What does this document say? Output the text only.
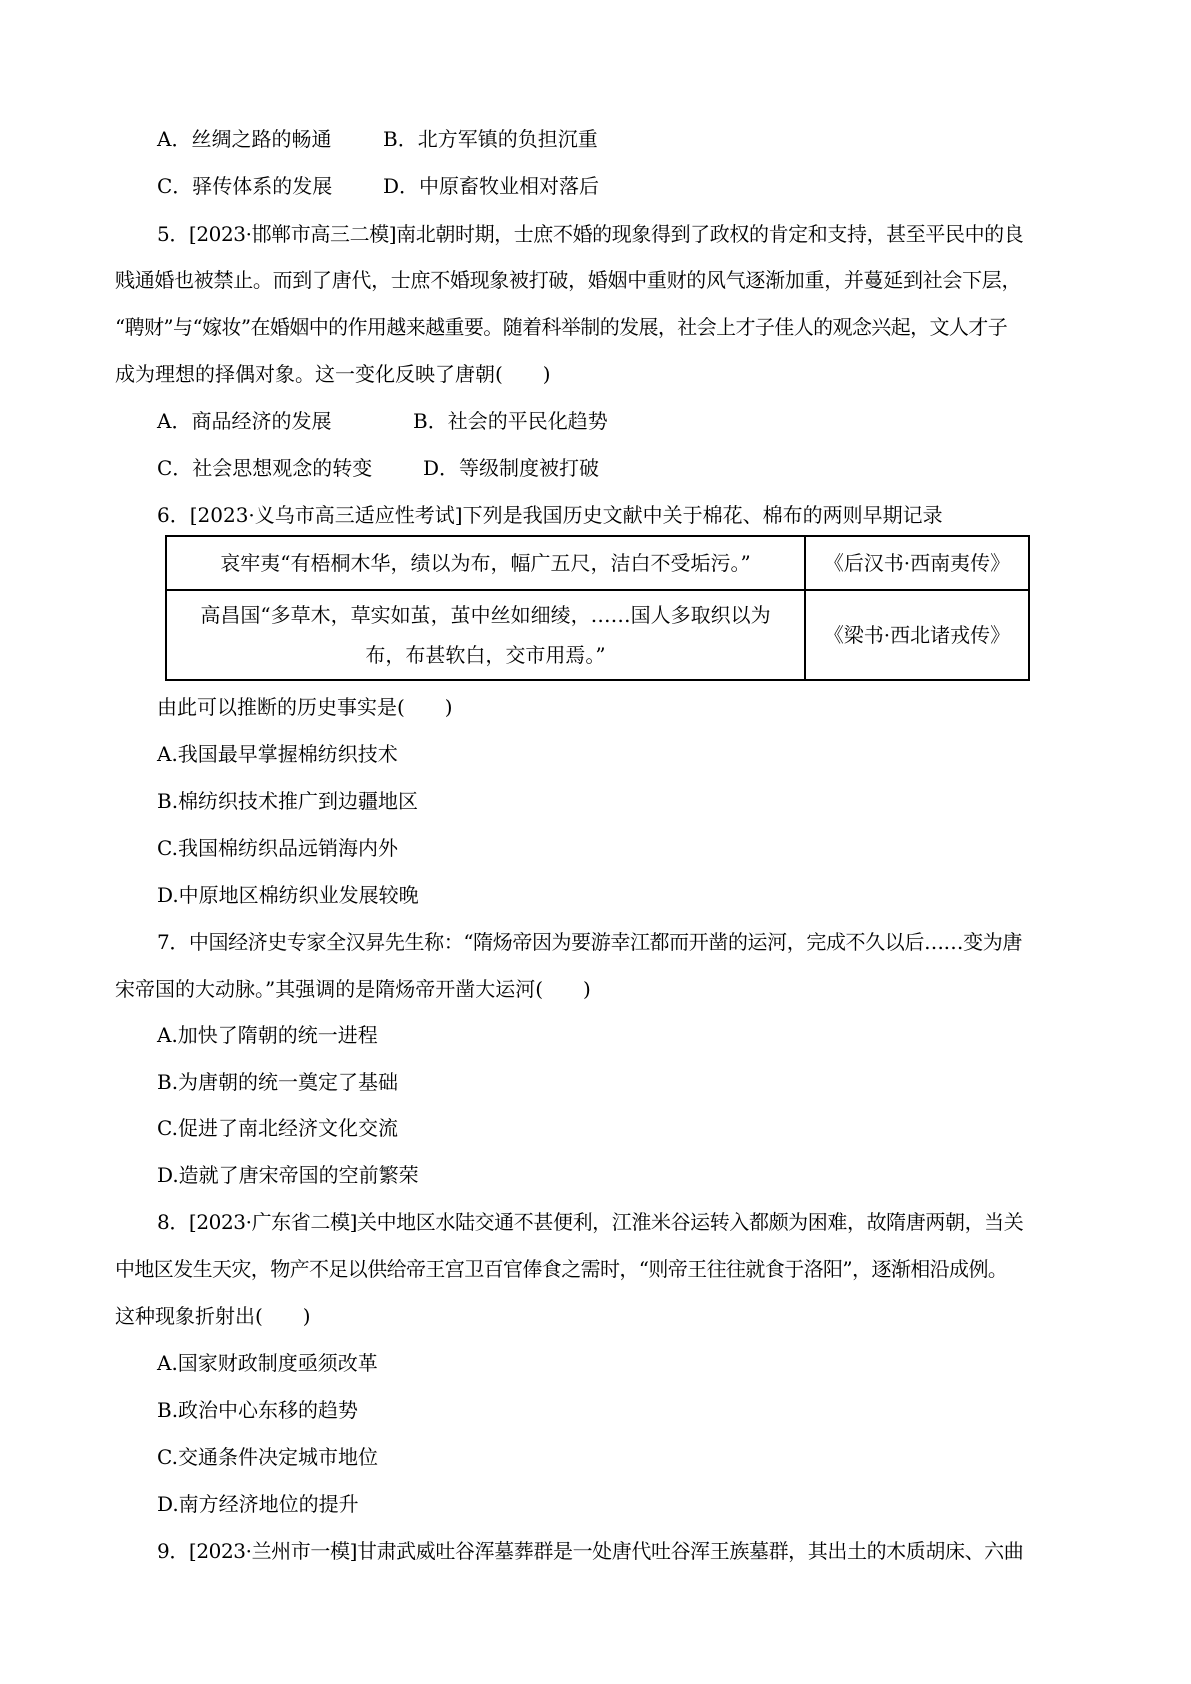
A．丝绸之路的畅通	B．北方军镇的负担沉重
C．驿传体系的发展	D．中原畜牧业相对落后
5．[2023·邯郸市高三二模]南北朝时期，士庶不婚的现象得到了政权的肯定和支持，甚至平民中的良
贱通婚也被禁止。而到了唐代，士庶不婚现象被打破，婚姻中重财的风气逐渐加重，并蔓延到社会下层，
“聘财”与“嫁妆”在婚姻中的作用越来越重要。随着科举制的发展，社会上才子佳人的观念兴起，文人才子
成为理想的择偶对象。这一变化反映了唐朝(　　)
A．商品经济的发展	B．社会的平民化趋势
C．社会思想观念的转变	D．等级制度被打破
6．[2023·义乌市高三适应性考试]下列是我国历史文献中关于棉花、棉布的两则早期记录
哀牢夷“有梧桐木华，绩以为布，幅广五尺，洁白不受垢污。”	《后汉书·西南夷传》
高昌国“多草木，草实如茧，茧中丝如细绫，……国人多取织以为布，布甚软白，交市用焉。”	《梁书·西北诸戎传》
由此可以推断的历史事实是(　　)
A.我国最早掌握棉纺织技术
B.棉纺织技术推广到边疆地区
C.我国棉纺织品远销海内外
D.中原地区棉纺织业发展较晚
7．中国经济史专家全汉昇先生称：“隋炀帝因为要游幸江都而开凿的运河，完成不久以后……变为唐
宋帝国的大动脉。”其强调的是隋炀帝开凿大运河(　　)
A.加快了隋朝的统一进程
B.为唐朝的统一奠定了基础
C.促进了南北经济文化交流
D.造就了唐宋帝国的空前繁荣
8．[2023·广东省二模]关中地区水陆交通不甚便利，江淮米谷运转入都颇为困难，故隋唐两朝，当关
中地区发生天灾，物产不足以供给帝王宫卫百官俸食之需时，“则帝王往往就食于洛阳”，逐渐相沿成例。
这种现象折射出(　　)
A.国家财政制度亟须改革
B.政治中心东移的趋势
C.交通条件决定城市地位
D.南方经济地位的提升
9．[2023·兰州市一模]甘肃武威吐谷浑墓葬群是一处唐代吐谷浑王族墓群，其出土的木质胡床、六曲
